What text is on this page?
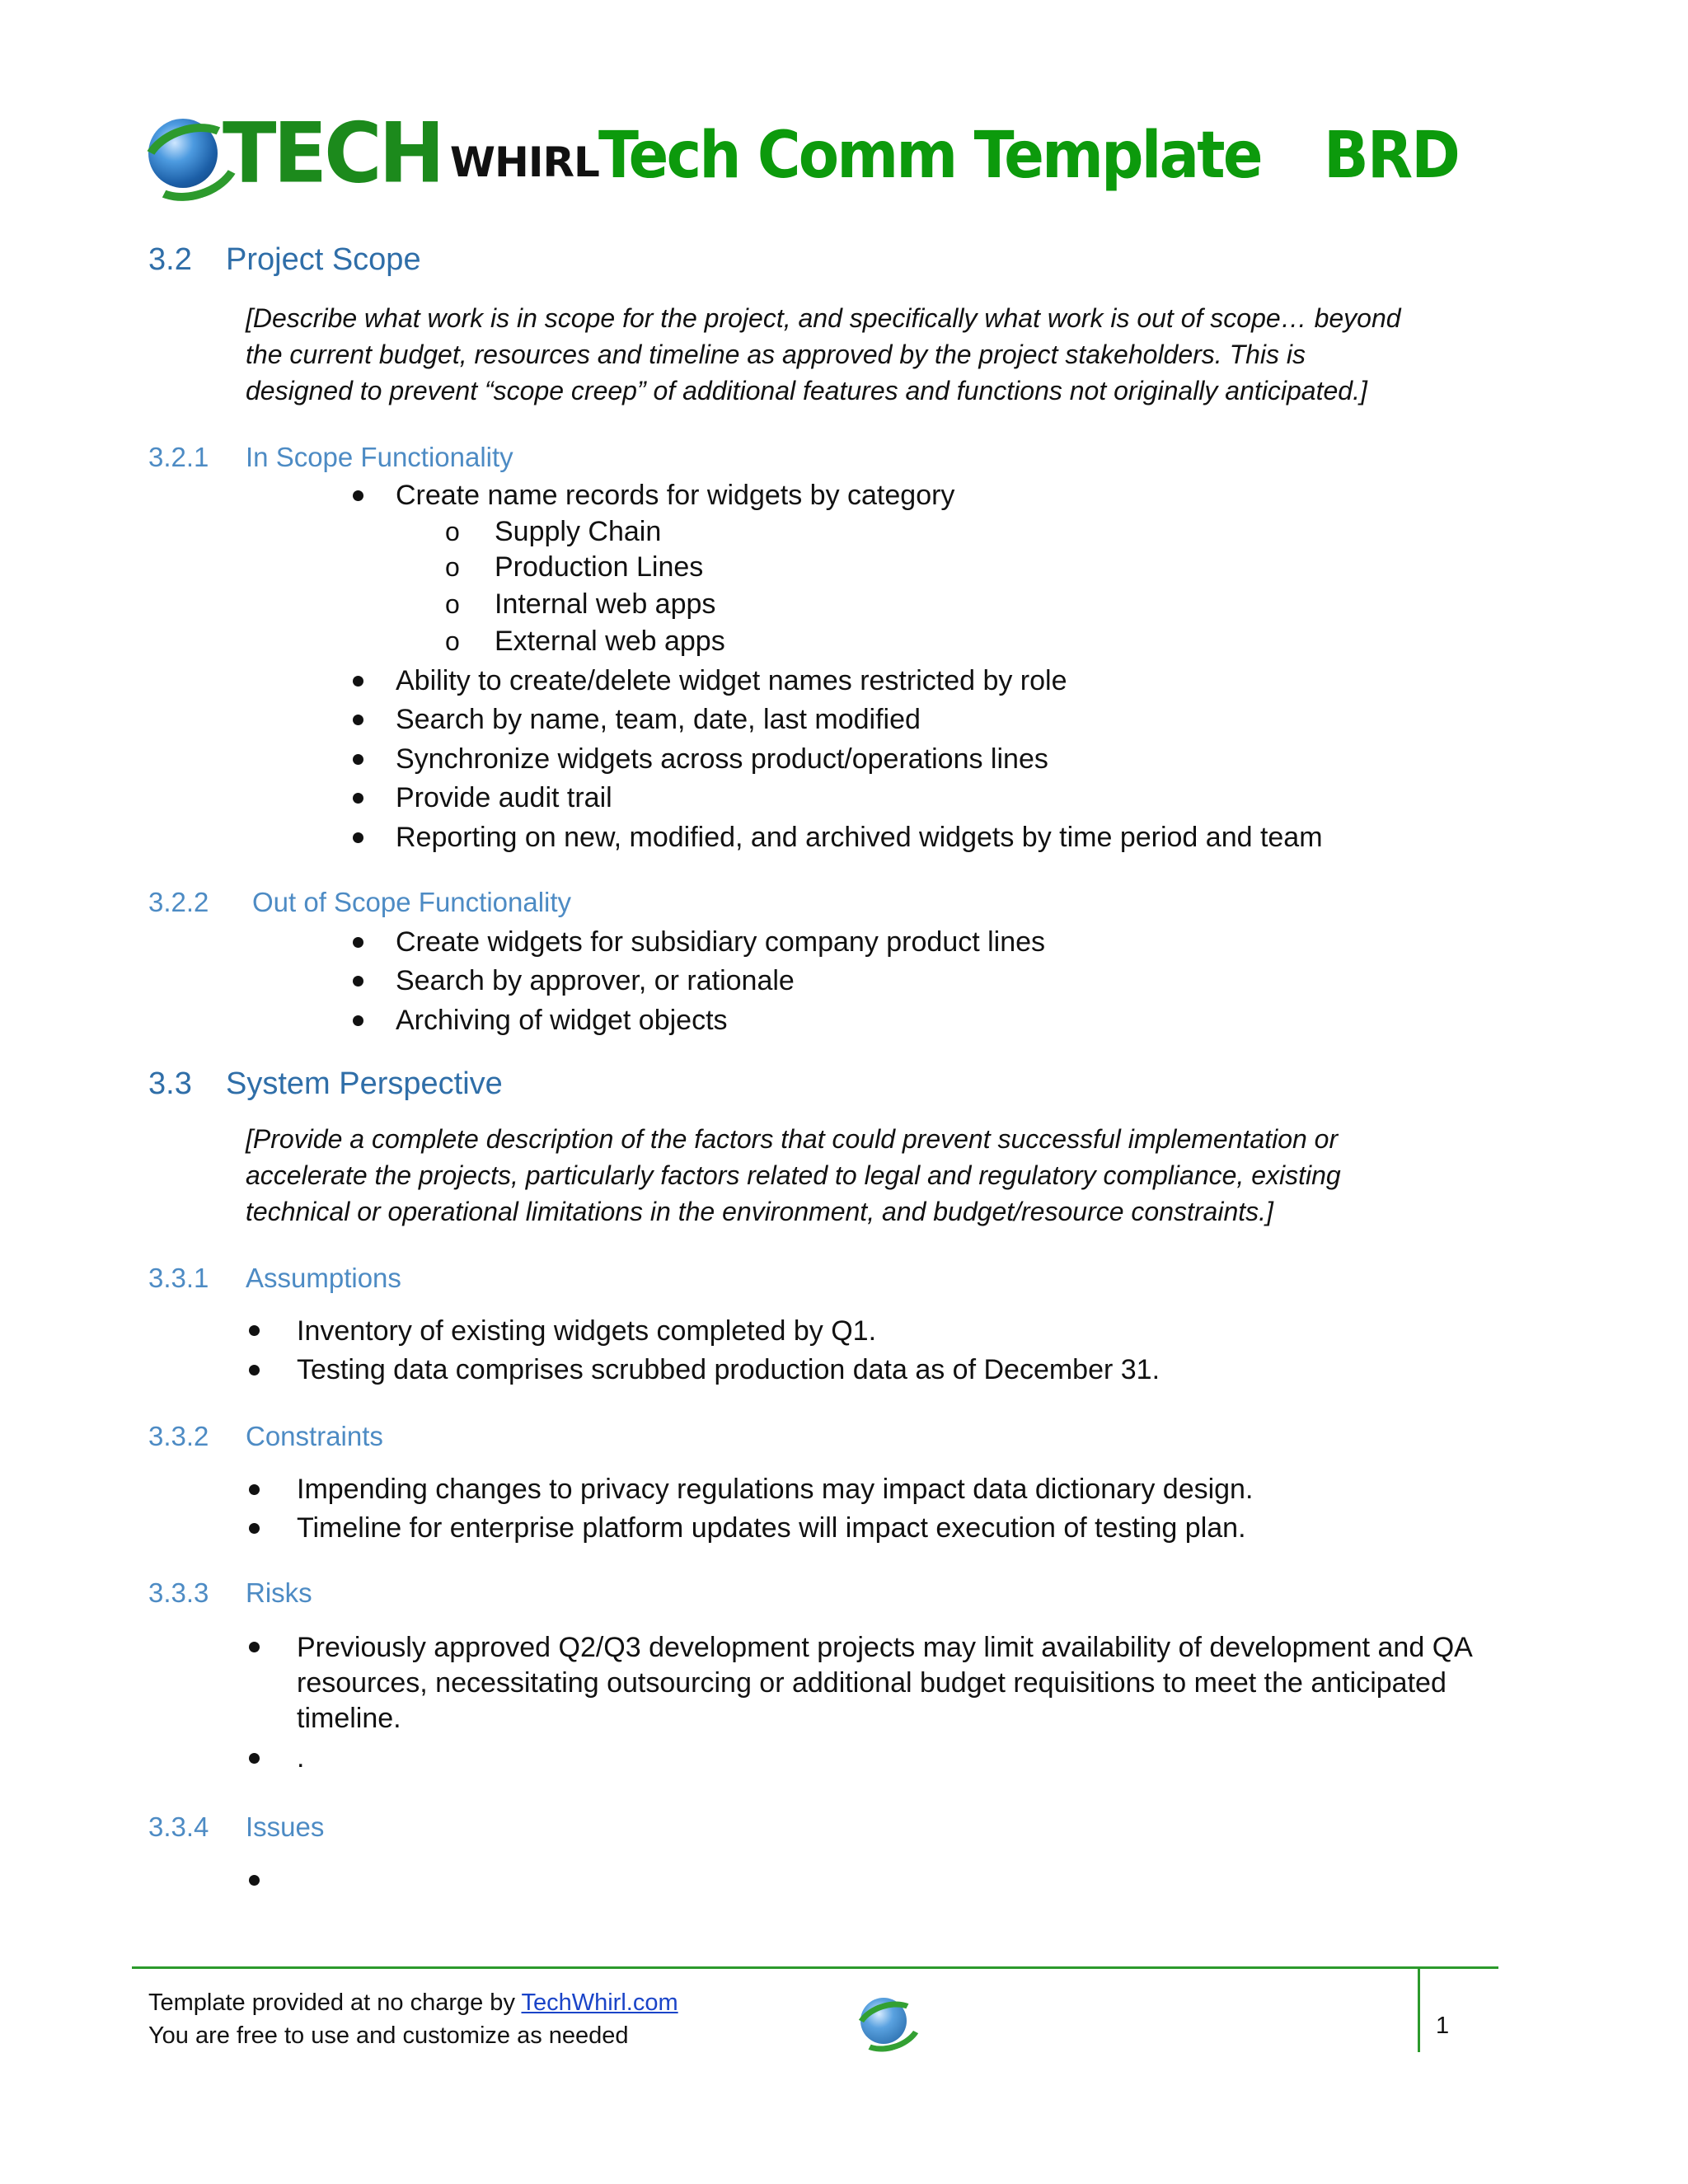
TECH WHIRL Tech Comm Template BRD
3.2 Project Scope
[Describe what work is in scope for the project, and specifically what work is out of scope… beyond
the current budget, resources and timeline as approved by the project stakeholders. This is
designed to prevent “scope creep” of additional features and functions not originally anticipated.]
3.2.1 In Scope Functionality
Create name records for widgets by category
o Supply Chain
o Production Lines
o Internal web apps
o External web apps
Ability to create/delete widget names restricted by role
Search by name, team, date, last modified
Synchronize widgets across product/operations lines
Provide audit trail
Reporting on new, modified, and archived widgets by time period and team
3.2.2 Out of Scope Functionality
Create widgets for subsidiary company product lines
Search by approver, or rationale
Archiving of widget objects
3.3 System Perspective
[Provide a complete description of the factors that could prevent successful implementation or
accelerate the projects, particularly factors related to legal and regulatory compliance, existing
technical or operational limitations in the environment, and budget/resource constraints.]
3.3.1 Assumptions
Inventory of existing widgets completed by Q1.
Testing data comprises scrubbed production data as of December 31.
3.3.2 Constraints
Impending changes to privacy regulations may impact data dictionary design.
Timeline for enterprise platform updates will impact execution of testing plan.
3.3.3 Risks
Previously approved Q2/Q3 development projects may limit availability of development and QA
resources, necessitating outsourcing or additional budget requisitions to meet the anticipated
timeline.
.
3.3.4 Issues
Template provided at no charge by TechWhirl.com
You are free to use and customize as needed	1
